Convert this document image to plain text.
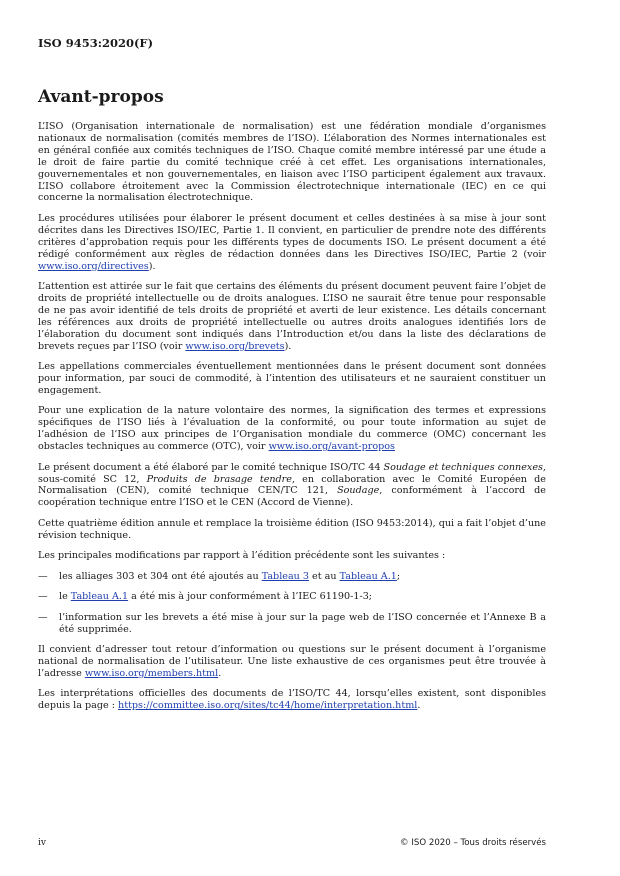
ISO 9453:2020(F)
Avant-propos

L’ISO (Organisation internationale de normalisation) est une fédération mondiale d’organismes nationaux de normalisation (comités membres de l’ISO). L’élaboration des Normes internationales est en général confiée aux comités techniques de l’ISO. Chaque comité membre intéressé par une étude a le droit de faire partie du comité technique créé à cet effet. Les organisations internationales, gouvernementales et non gouvernementales, en liaison avec l’ISO participent également aux travaux. L’ISO collabore étroitement avec la Commission électrotechnique internationale (IEC) en ce qui concerne la normalisation électrotechnique.

Les procédures utilisées pour élaborer le présent document et celles destinées à sa mise à jour sont décrites dans les Directives ISO/IEC, Partie 1. Il convient, en particulier de prendre note des différents critères d’approbation requis pour les différents types de documents ISO. Le présent document a été rédigé conformément aux règles de rédaction données dans les Directives ISO/IEC, Partie 2 (voir www.iso.org/directives).

L’attention est attirée sur le fait que certains des éléments du présent document peuvent faire l’objet de droits de propriété intellectuelle ou de droits analogues. L’ISO ne saurait être tenue pour responsable de ne pas avoir identifié de tels droits de propriété et averti de leur existence. Les détails concernant les références aux droits de propriété intellectuelle ou autres droits analogues identifiés lors de l’élaboration du document sont indiqués dans l’Introduction et/ou dans la liste des déclarations de brevets reçues par l’ISO (voir www.iso.org/brevets).

Les appellations commerciales éventuellement mentionnées dans le présent document sont données pour information, par souci de commodité, à l’intention des utilisateurs et ne sauraient constituer un engagement.

Pour une explication de la nature volontaire des normes, la signification des termes et expressions spécifiques de l’ISO liés à l’évaluation de la conformité, ou pour toute information au sujet de l’adhésion de l’ISO aux principes de l’Organisation mondiale du commerce (OMC) concernant les obstacles techniques au commerce (OTC), voir www.iso.org/avant-propos

Le présent document a été élaboré par le comité technique ISO/TC 44 Soudage et techniques connexes, sous-comité SC 12, Produits de brasage tendre, en collaboration avec le Comité Européen de Normalisation (CEN), comité technique CEN/TC 121, Soudage, conformément à l’accord de coopération technique entre l’ISO et le CEN (Accord de Vienne).

Cette quatrième édition annule et remplace la troisième édition (ISO 9453:2014), qui a fait l’objet d’une révision technique.

Les principales modifications par rapport à l’édition précédente sont les suivantes :

—	les alliages 303 et 304 ont été ajoutés au Tableau 3 et au Tableau A.1;
—	le Tableau A.1 a été mis à jour conformément à l’IEC 61190-1-3;
—	l’information sur les brevets a été mise à jour sur la page web de l’ISO concernée et l’Annexe B a été supprimée.

Il convient d’adresser tout retour d’information ou questions sur le présent document à l’organisme national de normalisation de l’utilisateur. Une liste exhaustive de ces organismes peut être trouvée à l’adresse www.iso.org/members.html.

Les interprétations officielles des documents de l’ISO/TC 44, lorsqu’elles existent, sont disponibles depuis la page : https://committee.iso.org/sites/tc44/home/interpretation.html.

iv	© ISO 2020 – Tous droits réservés
